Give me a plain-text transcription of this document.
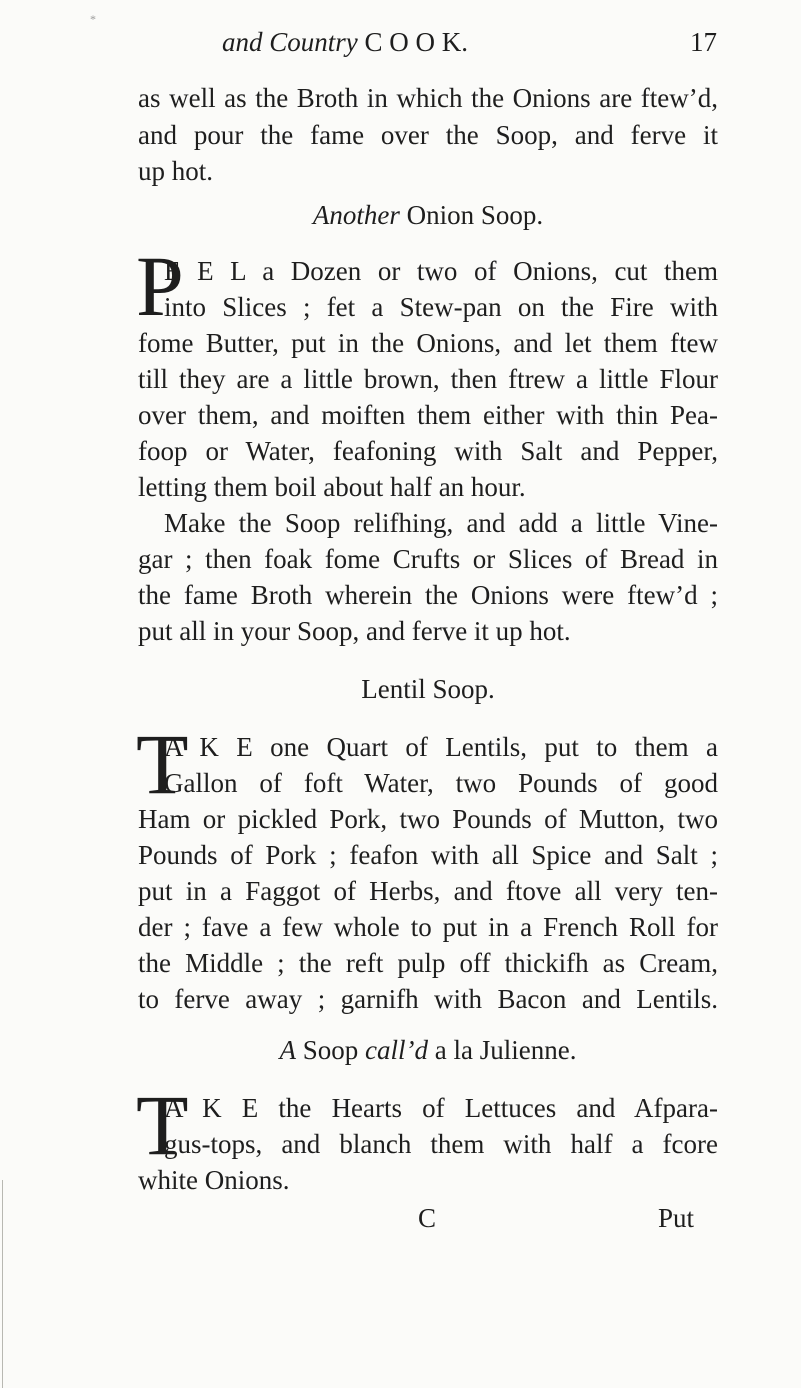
*
and Country C O O K.	17
as well as the Broth in which the Onions are ftew’d,
and pour the fame over the Soop, and ferve it
up hot.
Another Onion Soop.
P
E E L a Dozen or two of Onions, cut them
into Slices ; fet a Stew-pan on the Fire with
fome Butter, put in the Onions, and let them ftew
till they are a little brown, then ftrew a little Flour
over them, and moiften them either with thin Pea-
foop or Water, feafoning with Salt and Pepper,
letting them boil about half an hour.
Make the Soop relifhing, and add a little Vine-
gar ; then foak fome Crufts or Slices of Bread in
the fame Broth wherein the Onions were ftew’d ;
put all in your Soop, and ferve it up hot.
Lentil Soop.
T
A K E one Quart of Lentils, put to them a
Gallon of foft Water, two Pounds of good
Ham or pickled Pork, two Pounds of Mutton, two
Pounds of Pork ; feafon with all Spice and Salt ;
put in a Faggot of Herbs, and ftove all very ten-
der ; fave a few whole to put in a French Roll for
the Middle ; the reft pulp off thickifh as Cream,
to ferve away ; garnifh with Bacon and Lentils.
A Soop call’d a la Julienne.
T
A K E the Hearts of Lettuces and Afpara-
gus-tops, and blanch them with half a fcore
white Onions.
C	Put
